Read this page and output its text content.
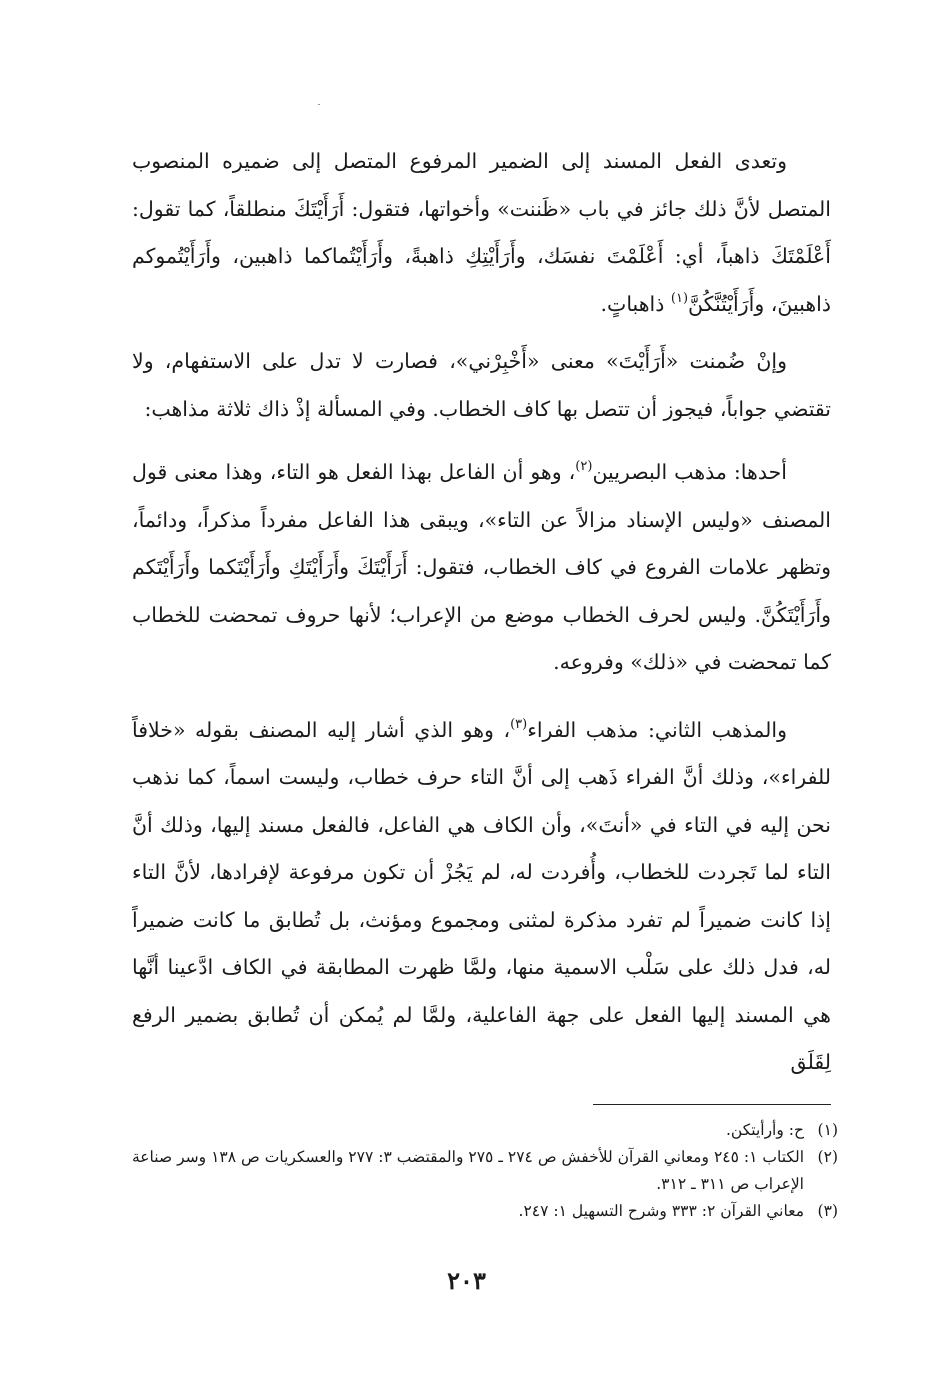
وتعدى الفعل المسند إلى الضمير المرفوع المتصل إلى ضميره المنصوب المتصل لأنَّ ذلك جائز في باب «ظَننت» وأخواتها، فتقول: أَرَأَيْتَكَ منطلقاً، كما تقول: أَعْلَمْتَكَ ذاهباً، أي: أَعْلَمْتَ نفسَك، وأَرَأَيْتِكِ ذاهبةً، وأَرَأَيْتُماكما ذاهبين، وأَرَأَيْتُموكم ذاهبينَ، وأَرَأَيْتُنَّكُنَّ$^{(١)}$ ذاهباتٍ.

وإنْ ضُمنت «أَرَأَيْتَ» معنى «أَخْبِرْني»، فصارت لا تدل على الاستفهام، ولا تقتضي جواباً، فيجوز أن تتصل بها كاف الخطاب. وفي المسألة إذْ ذاك ثلاثة مذاهب:

أحدها: مذهب البصريين$^{(٢)}$، وهو أن الفاعل بهذا الفعل هو التاء، وهذا معنى قول المصنف «وليس الإسناد مزالاً عن التاء»، ويبقى هذا الفاعل مفرداً مذكراً، ودائماً، وتظهر علامات الفروع في كاف الخطاب، فتقول: أَرَأَيْتَكَ وأَرَأَيْتَكِ وأَرَأَيْتَكما وأَرَأَيْتَكم وأَرَأَيْتَكُنَّ. وليس لحرف الخطاب موضع من الإعراب؛ لأنها حروف تمحضت للخطاب كما تمحضت في «ذلك» وفروعه.

والمذهب الثاني: مذهب الفراء$^{(٣)}$، وهو الذي أشار إليه المصنف بقوله «خلافاً للفراء»، وذلك أنَّ الفراء ذَهب إلى أنَّ التاء حرف خطاب، وليست اسماً، كما نذهب نحن إليه في التاء في «أنتَ»، وأن الكاف هي الفاعل، فالفعل مسند إليها، وذلك أنَّ التاء لما تَجردت للخطاب، وأُفردت له، لم يَجُزْ أن تكون مرفوعة لإفرادها، لأنَّ التاء إذا كانت ضميراً لم تفرد مذكرة لمثنى ومجموع ومؤنث، بل تُطابق ما كانت ضميراً له، فدل ذلك على سَلْب الاسمية منها، ولمَّا ظهرت المطابقة في الكاف ادَّعينا أنَّها هي المسند إليها الفعل على جهة الفاعلية، ولمَّا لم يُمكن أن تُطابق بضمير الرفع لِقَلَق

(١)
ح: وأرأيتكن.
(٢)
الكتاب ١: ٢٤٥ ومعاني القرآن للأخفش ص ٢٧٤ ـ ٢٧٥ والمقتضب ٣: ٢٧٧ والعسكريات ص ١٣٨ وسر صناعة الإعراب ص ٣١١ ـ ٣١٢.
(٣)
معاني القرآن ٢: ٣٣٣ وشرح التسهيل ١: ٢٤٧.
٢٠٣
